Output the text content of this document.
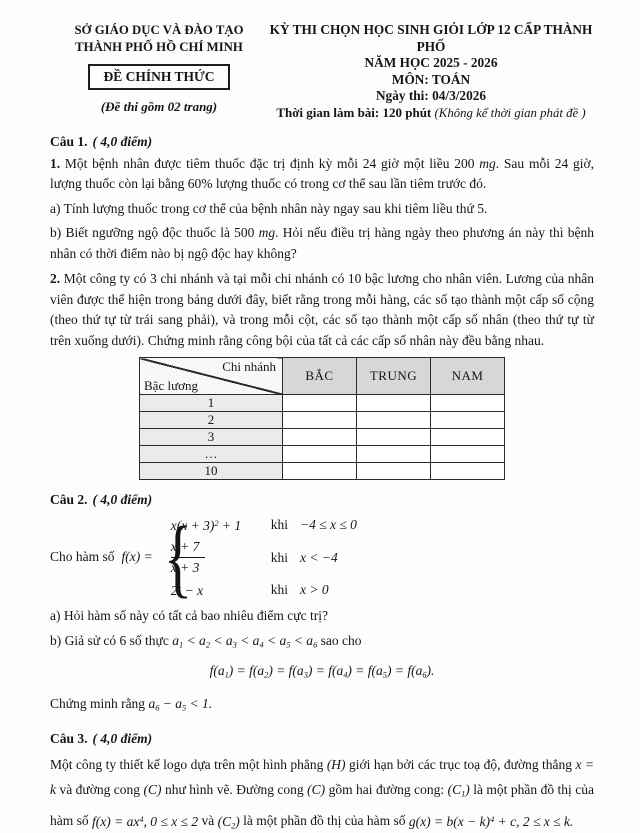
SỞ GIÁO DỤC VÀ ĐÀO TẠO
THÀNH PHỐ HỒ CHÍ MINH
ĐỀ CHÍNH THỨC
(Đề thi gồm 02 trang)
KỲ THI CHỌN HỌC SINH GIỎI LỚP 12 CẤP THÀNH PHỐ
NĂM HỌC 2025 - 2026
MÔN: TOÁN
Ngày thi: 04/3/2026
Thời gian làm bài: 120 phút (Không kể thời gian phát đề )

Câu 1. ( 4,0 điểm)

1. Một bệnh nhân được tiêm thuốc đặc trị định kỳ mỗi 24 giờ một liều 200 mg. Sau mỗi 24 giờ, lượng thuốc còn lại bằng 60% lượng thuốc có trong cơ thể sau lần tiêm trước đó.

a) Tính lượng thuốc trong cơ thể của bệnh nhân này ngay sau khi tiêm liều thứ 5.

b) Biết ngưỡng ngộ độc thuốc là 500 mg. Hỏi nếu điều trị hàng ngày theo phương án này thì bệnh nhân có thời điểm nào bị ngộ độc hay không?

2. Một công ty có 3 chi nhánh và tại mỗi chi nhánh có 10 bậc lương cho nhân viên. Lương của nhân viên được thể hiện trong bảng dưới đây, biết rằng trong mỗi hàng, các số tạo thành một cấp số cộng (theo thứ tự từ trái sang phải), và trong mỗi cột, các số tạo thành một cấp số nhân (theo thứ tự từ trên xuống dưới). Chứng minh rằng công bội của tất cả các cấp số nhân này đều bằng nhau.

Chi nhánh
Bậc lương	BẮC	TRUNG	NAM
1			
2			
3			
…			
10			

Câu 2. ( 4,0 điểm)

Cho hàm số f(x) =
{
$x(x + 3)^2 + 1$	khi −4 ≤ x ≤ 0
$\frac{x + 7}{x + 3}$	khi x < −4
$2^x - x$	khi x > 0

a) Hỏi hàm số này có tất cả bao nhiêu điểm cực trị?

b) Giả sử có 6 số thực $a_1 < a_2 < a_3 < a_4 < a_5 < a_6$ sao cho

$f(a_1) = f(a_2) = f(a_3) = f(a_4) = f(a_5) = f(a_6)$.

Chứng minh rằng $a_6 - a_5 < 1$.

Câu 3. ( 4,0 điểm)

Một công ty thiết kế logo dựa trên một hình phẳng (H) giới hạn bởi các trục toạ độ, đường thẳng x = k và đường cong (C) như hình vẽ. Đường cong (C) gồm hai đường cong: $(C_1)$ là một phần đồ thị của hàm số $f(x) = ax^4$, 0 ≤ x ≤ 2 và $(C_2)$ là một phần đồ thị của hàm số $g(x) = b(x - k)^4 + c$, 2 ≤ x ≤ k.
